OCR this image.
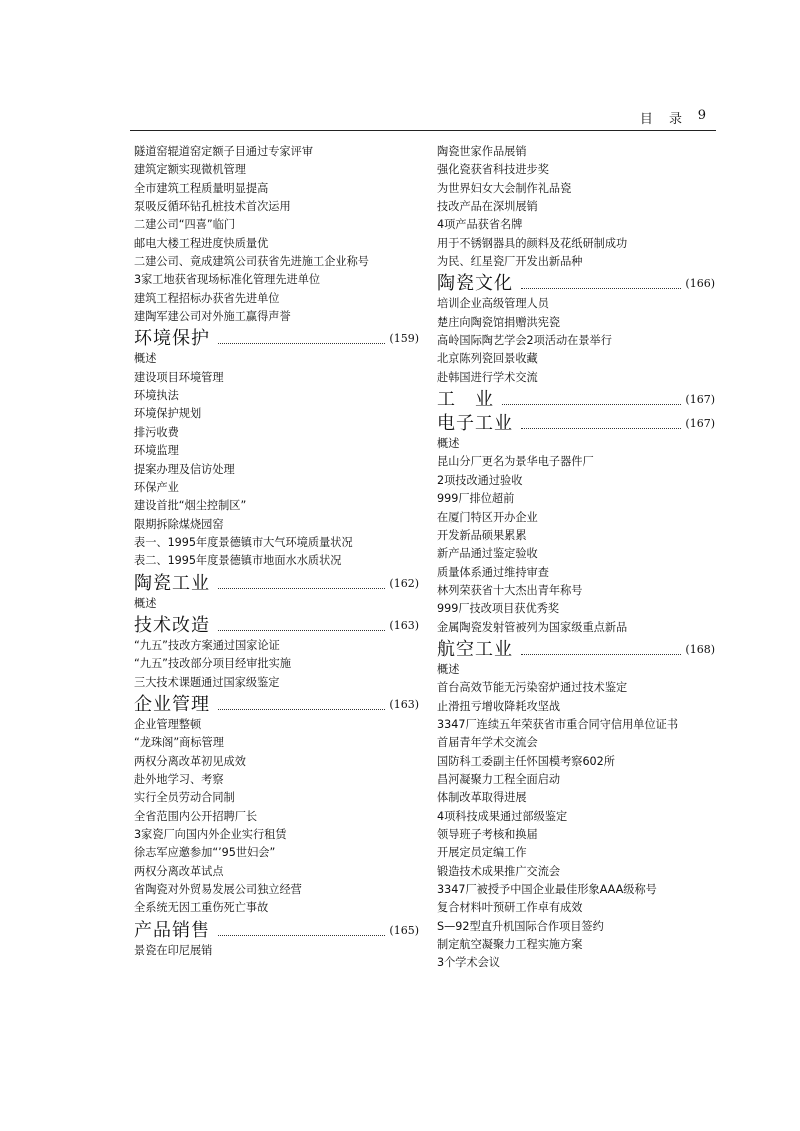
目 录 9
隧道窑辊道窑定额子目通过专家评审
建筑定额实现微机管理
全市建筑工程质量明显提高
泵吸反循环钻孔桩技术首次运用
二建公司“四喜”临门
邮电大楼工程进度快质量优
二建公司、竟成建筑公司获省先进施工企业称号
3家工地获省现场标准化管理先进单位
建筑工程招标办获省先进单位
建陶军建公司对外施工赢得声誉
环境保护	(159)
概述
建设项目环境管理
环境执法
环境保护规划
排污收费
环境监理
提案办理及信访处理
环保产业
建设首批“烟尘控制区”
限期拆除煤烧园窑
表一、1995年度景德镇市大气环境质量状况
表二、1995年度景德镇市地面水水质状况
陶瓷工业	(162)
概述
技术改造	(163)
“九五”技改方案通过国家论证
“九五”技改部分项目经审批实施
三大技术课题通过国家级鉴定
企业管理	(163)
企业管理整顿
“龙珠阁”商标管理
两权分离改革初见成效
赴外地学习、考察
实行全员劳动合同制
全省范围内公开招聘厂长
3家瓷厂向国内外企业实行租赁
徐志军应邀参加“’95世妇会”
两权分离改革试点
省陶瓷对外贸易发展公司独立经营
全系统无因工重伤死亡事故
产品销售	(165)
景瓷在印尼展销
陶瓷世家作品展销
强化瓷获省科技进步奖
为世界妇女大会制作礼品瓷
技改产品在深圳展销
4项产品获省名牌
用于不锈钢器具的颜料及花纸研制成功
为民、红星瓷厂开发出新品种
陶瓷文化	(166)
培训企业高级管理人员
楚庄向陶瓷馆捐赠洪宪瓷
高岭国际陶艺学会2项活动在景举行
北京陈列瓷回景收藏
赴韩国进行学术交流
工　业	(167)
电子工业	(167)
概述
昆山分厂更名为景华电子器件厂
2项技改通过验收
999厂排位超前
在厦门特区开办企业
开发新品硕果累累
新产品通过鉴定验收
质量体系通过维持审查
林列荣获省十大杰出青年称号
999厂技改项目获优秀奖
金属陶瓷发射管被列为国家级重点新品
航空工业	(168)
概述
首台高效节能无污染窑炉通过技术鉴定
止滑扭亏增收降耗攻坚战
3347厂连续五年荣获省市重合同守信用单位证书
首届青年学术交流会
国防科工委副主任怀国模考察602所
昌河凝聚力工程全面启动
体制改革取得进展
4项科技成果通过部级鉴定
领导班子考核和换届
开展定员定编工作
锻造技术成果推广交流会
3347厂被授予中国企业最佳形象AAA级称号
复合材料叶预研工作卓有成效
S—92型直升机国际合作项目签约
制定航空凝聚力工程实施方案
3个学术会议
